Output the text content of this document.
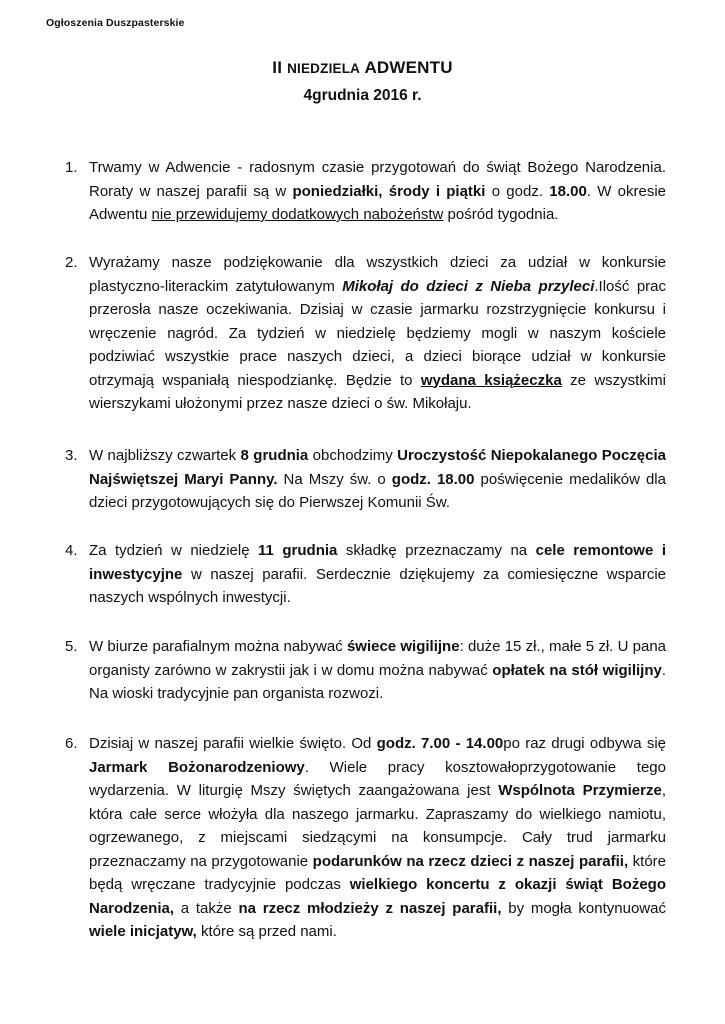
Ogłoszenia Duszpasterskie
II NIEDZIELA ADWENTU
4grudnia 2016 r.
1. Trwamy w Adwencie - radosnym czasie przygotowań do świąt Bożego Narodzenia. Roraty w naszej parafii są w poniedziałki, środy i piątki o godz. 18.00. W okresie Adwentu nie przewidujemy dodatkowych nabożeństw pośród tygodnia.
2. Wyrażamy nasze podziękowanie dla wszystkich dzieci za udział w konkursie plastyczno-literackim zatytułowanym Mikołaj do dzieci z Nieba przyleci.Ilość prac przerosła nasze oczekiwania. Dzisiaj w czasie jarmarku rozstrzygnięcie konkursu i wręczenie nagród. Za tydzień w niedzielę będziemy mogli w naszym kościele podziwiać wszystkie prace naszych dzieci, a dzieci biorące udział w konkursie otrzymają wspaniałą niespodziankę. Będzie to wydana książeczka ze wszystkimi wierszykami ułożonymi przez nasze dzieci o św. Mikołaju.
3. W najbliższy czwartek 8 grudnia obchodzimy Uroczystość Niepokalanego Poczęcia Najświętszej Maryi Panny. Na Mszy św. o godz. 18.00 poświęcenie medalików dla dzieci przygotowujących się do Pierwszej Komunii Św.
4. Za tydzień w niedzielę 11 grudnia składkę przeznaczamy na cele remontowe i inwestycyjne w naszej parafii. Serdecznie dziękujemy za comiesięczne wsparcie naszych wspólnych inwestycji.
5. W biurze parafialnym można nabywać świece wigilijne: duże 15 zł., małe 5 zł. U pana organisty zarówno w zakrystii jak i w domu można nabywać opłatek na stół wigilijny. Na wioski tradycyjnie pan organista rozwozi.
6. Dzisiaj w naszej parafii wielkie święto. Od godz. 7.00 - 14.00po raz drugi odbywa się Jarmark Bożonarodzeniowy. Wiele pracy kosztowałoprzygotowanie tego wydarzenia. W liturgię Mszy świętych zaangażowana jest Wspólnota Przymierze, która całe serce włożyła dla naszego jarmarku. Zapraszamy do wielkiego namiotu, ogrzewanego, z miejscami siedzącymi na konsumpcje. Cały trud jarmarku przeznaczamy na przygotowanie podarunków na rzecz dzieci z naszej parafii, które będą wręczane tradycyjnie podczas wielkiego koncertu z okazji świąt Bożego Narodzenia, a także na rzecz młodzieży z naszej parafii, by mogła kontynuować wiele inicjatyw, które są przed nami.
